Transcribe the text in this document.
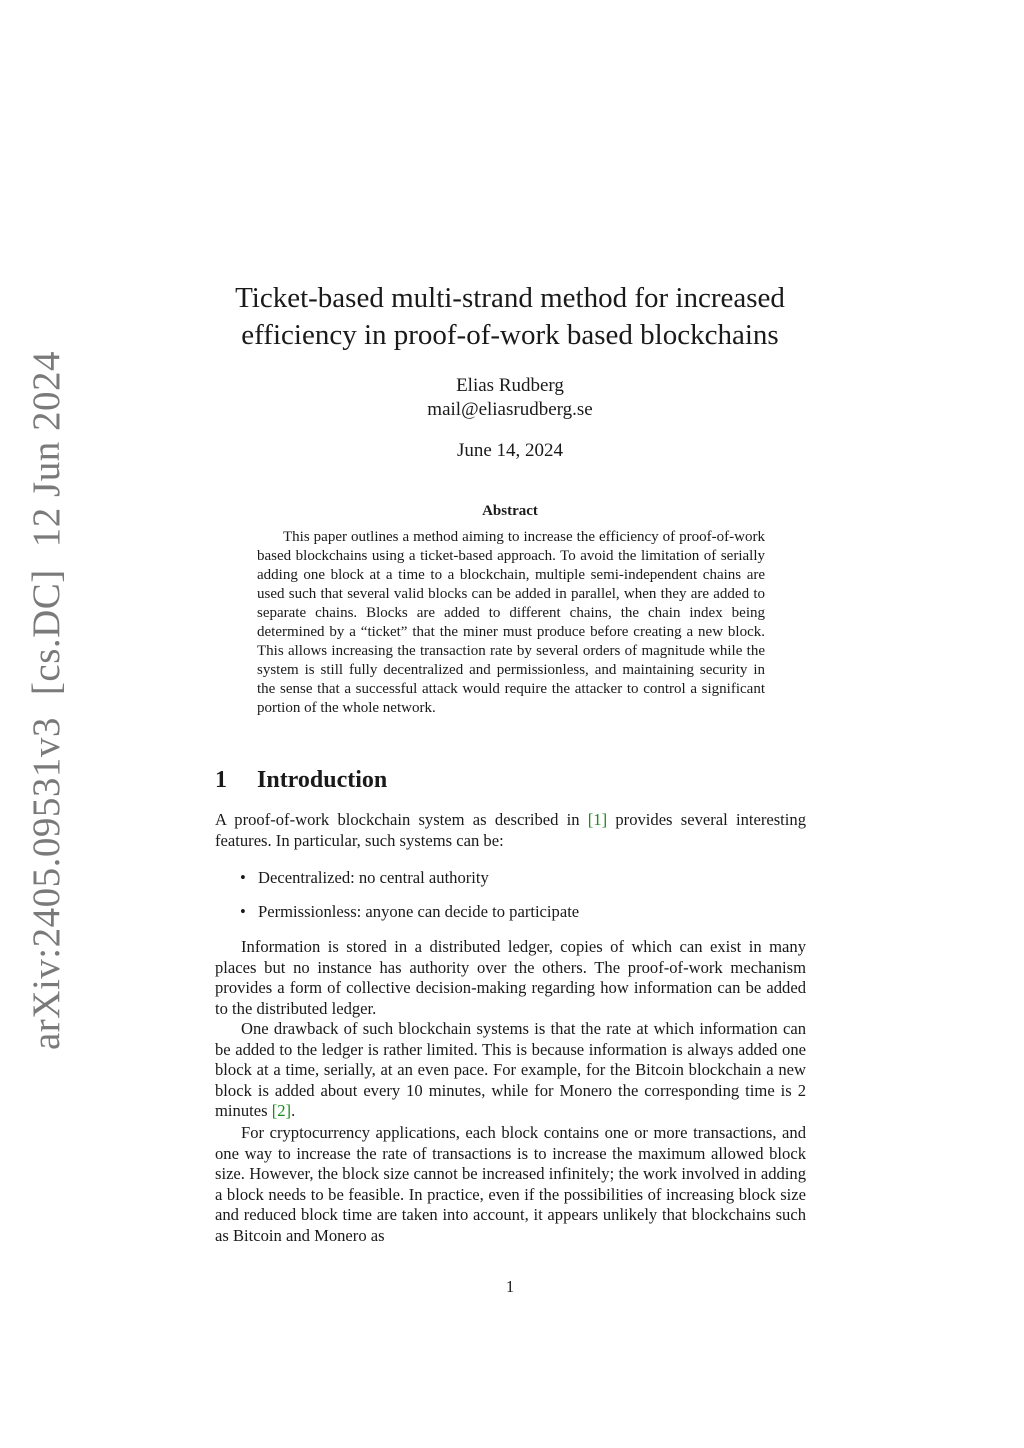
arXiv:2405.09531v3[cs.DC]12 Jun 2024
Ticket-based multi-strand method for increased
efficiency in proof-of-work based blockchains
Elias Rudberg
mail@eliasrudberg.se
June 14, 2024
Abstract

This paper outlines a method aiming to increase the efficiency of proof-of-work based blockchains using a ticket-based approach. To avoid the limitation of serially adding one block at a time to a blockchain, multiple semi-independent chains are used such that several valid blocks can be added in parallel, when they are added to separate chains. Blocks are added to different chains, the chain index being determined by a “ticket” that the miner must produce before creating a new block. This allows increasing the transaction rate by several orders of magnitude while the system is still fully decentralized and permissionless, and maintaining security in the sense that a successful attack would require the attacker to control a significant portion of the whole network.

1 Introduction

A proof-of-work blockchain system as described in [1] provides several interesting features. In particular, such systems can be:

• Decentralized: no central authority
• Permissionless: anyone can decide to participate

Information is stored in a distributed ledger, copies of which can exist in many places but no instance has authority over the others. The proof-of-work mechanism provides a form of collective decision-making regarding how information can be added to the distributed ledger.

One drawback of such blockchain systems is that the rate at which information can be added to the ledger is rather limited. This is because information is always added one block at a time, serially, at an even pace. For example, for the Bitcoin blockchain a new block is added about every 10 minutes, while for Monero the corresponding time is 2 minutes [2].

For cryptocurrency applications, each block contains one or more transactions, and one way to increase the rate of transactions is to increase the maximum allowed block size. However, the block size cannot be increased infinitely; the work involved in adding a block needs to be feasible. In practice, even if the possibilities of increasing block size and reduced block time are taken into account, it appears unlikely that blockchains such as Bitcoin and Monero as

1
